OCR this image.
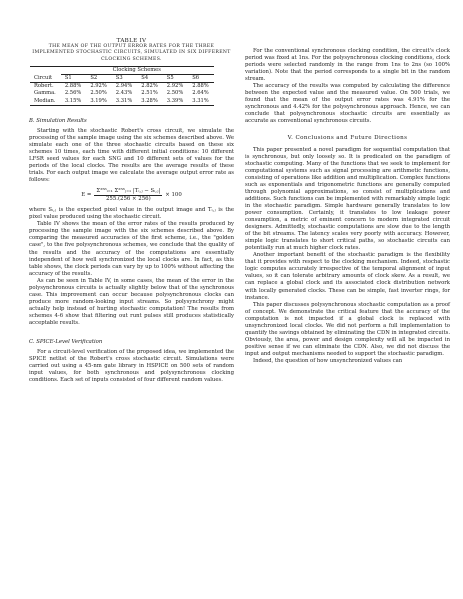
TABLE IV
THE MEAN OF THE OUTPUT ERROR RATES FOR THE THREE
IMPLEMENTED STOCHASTIC CIRCUITS, SIMULATED IN SIX DIFFERENT
CLOCKING SCHEMES.
	Clocking Schemes					
Circuit	S1	S2	S3	S4	S5	S6
Robert.	2.88%	2.92%	2.94%	2.82%	2.92%	2.88%
Gamma.	2.56%	2.50%	2.43%	2.51%	2.50%	2.64%
Median.	3.15%	3.19%	3.31%	3.28%	3.39%	3.31%

B. Simulation Results

Starting with the stochastic Robert's cross circuit, we simulate the processing of the sample image using the six schemes described above. We simulate each one of the three stochastic circuits based on these six schemes 10 times, each time with different initial conditions: 10 different LFSR seed values for each SNG and 10 different sets of values for the periods of the local clocks. The results are the average results of these trials. For each output image we calculate the average output error rate as follows:

$E = \frac{\text{Σ²⁵⁶ᵢ₌₁ Σ²⁵⁶ⱼ₌₁ |Tᵢ,ⱼ − Sᵢ,ⱼ|}}{255.(256 \times 256)} \times 100$

where Sᵢ,ⱼ is the expected pixel value in the output image and Tᵢ,ⱼ is the pixel value produced using the stochastic circuit.

Table IV shows the mean of the error rates of the results produced by processing the sample image with the six schemes described above. By comparing the measured accuracies of the first scheme, i.e., the "golden case", to the five polysynchronous schemes, we conclude that the quality of the results and the accuracy of the computations are essentially independent of how well synchronized the local clocks are. In fact, as this table shows, the clock periods can vary by up to 100% without affecting the accuracy of the results.

As can be seen in Table IV, in some cases, the mean of the error in the polysynchronous circuits is actually slightly below that of the synchronous case. This improvement can occur because polysynchronous clocks can produce more random-looking input streams. So polysynchrony might actually help instead of hurting stochastic computation! The results from schemes 4-6 show that filtering out runt pulses still produces statistically acceptable results.

C. SPICE-Level Verification

For a circuit-level verification of the proposed idea, we implemented the SPICE netlist of the Robert's cross stochastic circuit. Simulations were carried out using a 45-nm gate library in HSPICE on 500 sets of random input values, for both synchronous and polysynchronous clocking conditions. Each set of inputs consisted of four different random values.

For the conventional synchronous clocking condition, the circuit's clock period was fixed at 1ns. For the polysynchronous clocking conditions, clock periods were selected randomly in the range from 1ns to 2ns (so 100% variation). Note that the period corresponds to a single bit in the random stream.

The accuracy of the results was computed by calculating the difference between the expected value and the measured value. On 500 trials, we found that the mean of the output error rates was 4.91% for the synchronous and 4.42% for the polysynchronous approach. Hence, we can conclude that polysynchronous stochastic circuits are essentially as accurate as conventional synchronous circuits.

V. Conclusions and Future Directions

This paper presented a novel paradigm for sequential computation that is synchronous, but only loosely so. It is predicated on the paradigm of stochastic computing. Many of the functions that we seek to implement for computational systems such as signal processing are arithmetic functions, consisting of operations like addition and multiplication. Complex functions such as exponentials and trigonometric functions are generally computed through polynomial approximations, so consist of multiplications and additions. Such functions can be implemented with remarkably simple logic in the stochastic paradigm. Simple hardware generally translates to low power consumption. Certainly, it translates to low leakage power consumption, a metric of eminent concern to modern integrated circuit designers. Admittedly, stochastic computations are slow due to the length of the bit streams. The latency scales very poorly with accuracy. However, simple logic translates to short critical paths, so stochastic circuits can potentially run at much higher clock rates.

Another important benefit of the stochastic paradigm is the flexibility that it provides with respect to the clocking mechanism. Indeed, stochastic logic computes accurately irrespective of the temporal alignment of input values, so it can tolerate arbitrary amounts of clock skew. As a result, we can replace a global clock and its associated clock distribution network with locally generated clocks. These can be simple, fast inverter rings, for instance.

This paper discusses polysynchronous stochastic computation as a proof of concept. We demonstrate the critical feature that the accuracy of the computation is not impacted if a global clock is replaced with unsynchronized local clocks. We did not perform a full implementation to quantify the savings obtained by eliminating the CDN in integrated circuits. Obviously, the area, power and design complexity will all be impacted in positive sense if we can eliminate the CDN. Also, we did not discuss the input and output mechanisms needed to support the stochastic paradigm.

Indeed, the question of how unsynchronized values can
